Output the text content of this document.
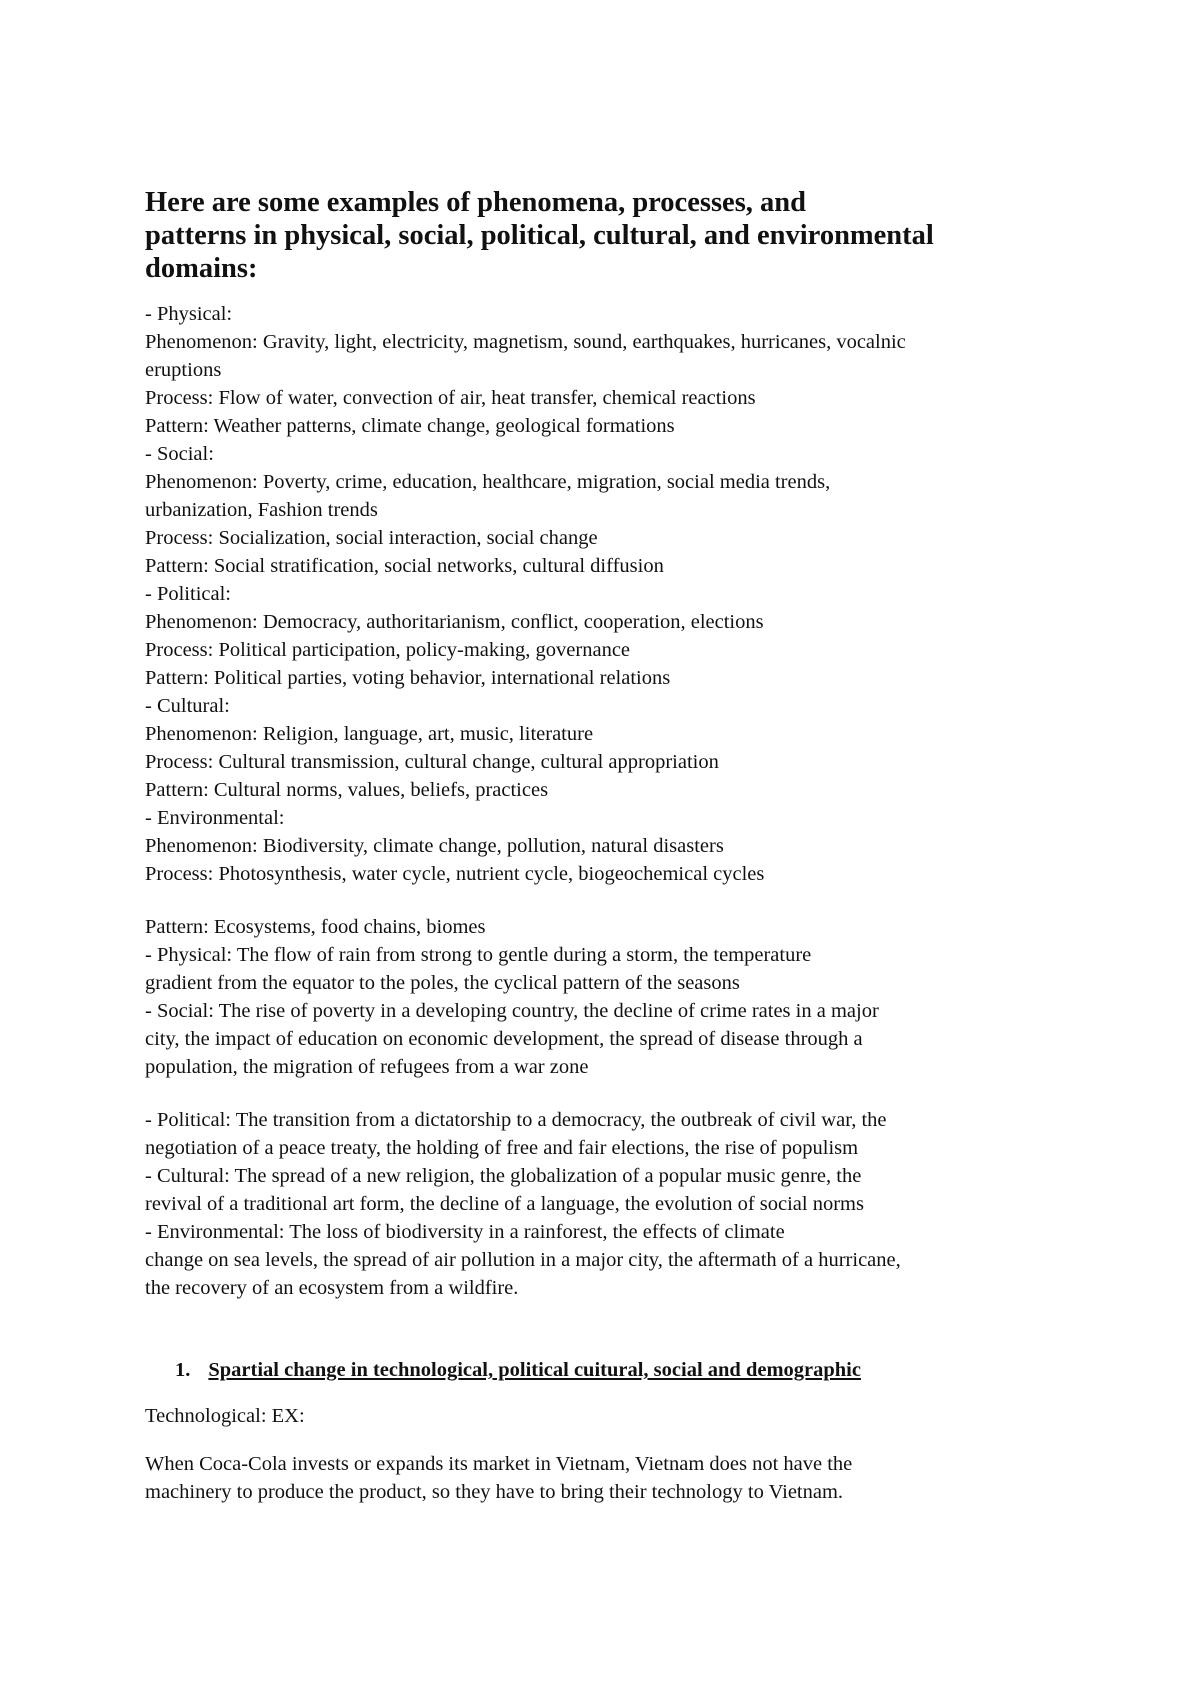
Here are some examples of phenomena, processes, and
patterns in physical, social, political, cultural, and environmental
domains:
- Physical:
Phenomenon: Gravity, light, electricity, magnetism, sound, earthquakes, hurricanes, vocalnic
eruptions
Process: Flow of water, convection of air, heat transfer, chemical reactions
Pattern: Weather patterns, climate change, geological formations
- Social:
Phenomenon: Poverty, crime, education, healthcare, migration, social media trends,
urbanization, Fashion trends
Process: Socialization, social interaction, social change
Pattern: Social stratification, social networks, cultural diffusion
- Political:
Phenomenon: Democracy, authoritarianism, conflict, cooperation, elections
Process: Political participation, policy-making, governance
Pattern: Political parties, voting behavior, international relations
- Cultural:
Phenomenon: Religion, language, art, music, literature
Process: Cultural transmission, cultural change, cultural appropriation
Pattern: Cultural norms, values, beliefs, practices
- Environmental:
Phenomenon: Biodiversity, climate change, pollution, natural disasters
Process: Photosynthesis, water cycle, nutrient cycle, biogeochemical cycles
Pattern: Ecosystems, food chains, biomes
- Physical: The flow of rain from strong to gentle during a storm, the temperature
gradient from the equator to the poles, the cyclical pattern of the seasons
- Social: The rise of poverty in a developing country, the decline of crime rates in a major
city, the impact of education on economic development, the spread of disease through a
population, the migration of refugees from a war zone
- Political: The transition from a dictatorship to a democracy, the outbreak of civil war, the
negotiation of a peace treaty, the holding of free and fair elections, the rise of populism
- Cultural: The spread of a new religion, the globalization of a popular music genre, the
revival of a traditional art form, the decline of a language, the evolution of social norms
- Environmental: The loss of biodiversity in a rainforest, the effects of climate
change on sea levels, the spread of air pollution in a major city, the aftermath of a hurricane,
the recovery of an ecosystem from a wildfire.
1. Spartial change in technological, political cuitural, social and demographic
Technological: EX:
When Coca-Cola invests or expands its market in Vietnam, Vietnam does not have the
machinery to produce the product, so they have to bring their technology to Vietnam.
